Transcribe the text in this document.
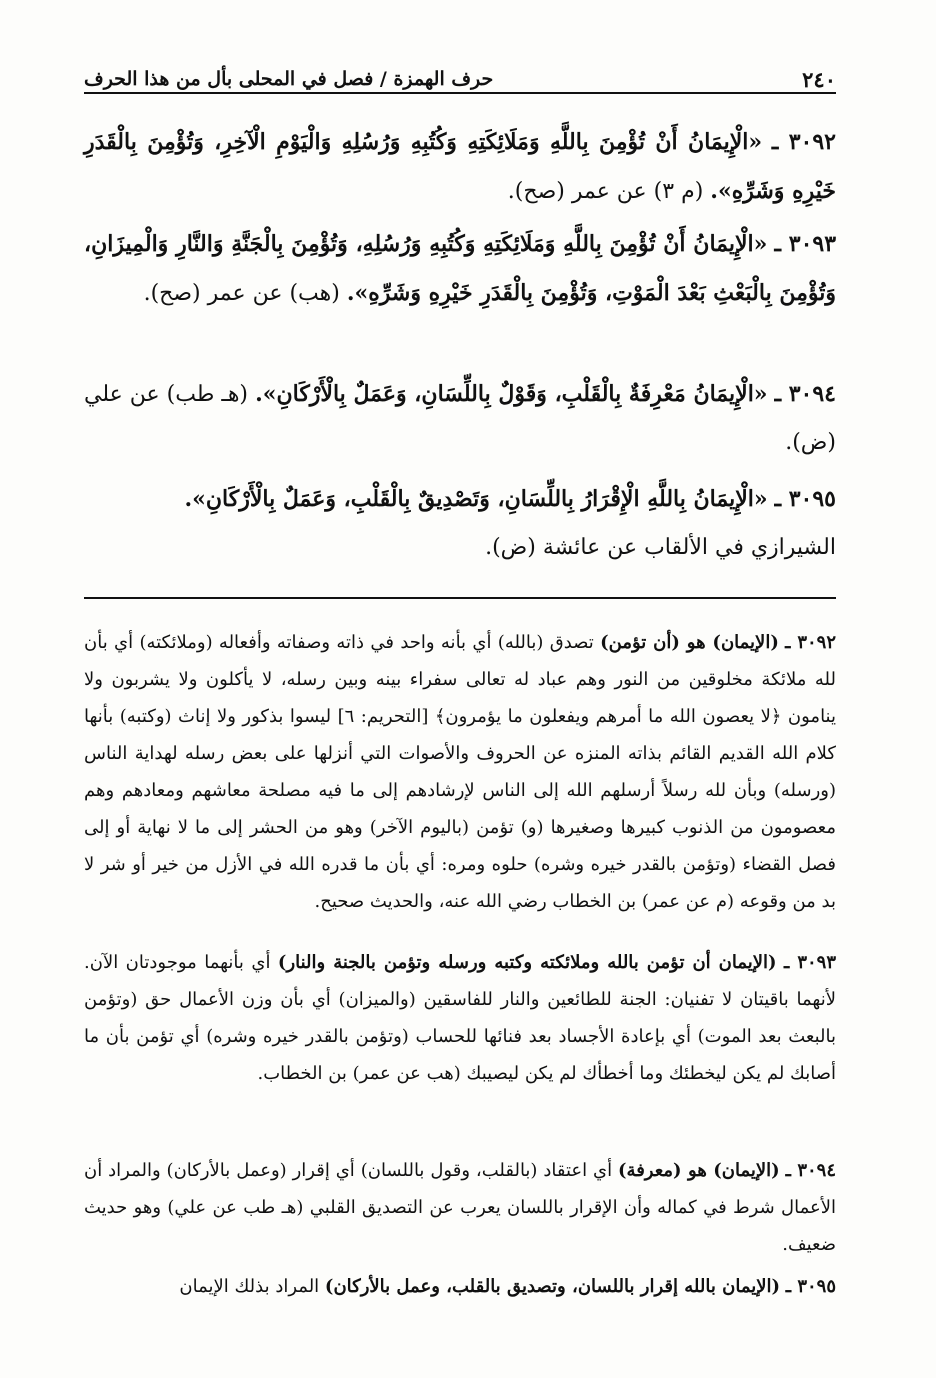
٢٤٠
حرف الهمزة / فصل في المحلى بأل من هذا الحرف

٣٠٩٢ ـ «الْإِيمَانُ أَنْ تُؤْمِنَ بِاللَّهِ وَمَلَائِكَتِهِ وَكُتُبِهِ وَرُسُلِهِ وَالْيَوْمِ الْآخِرِ، وَتُؤْمِنَ بِالْقَدَرِ خَيْرِهِ وَشَرِّهِ». (م ٣) عن عمر (صح).

٣٠٩٣ ـ «الْإِيمَانُ أَنْ تُؤْمِنَ بِاللَّهِ وَمَلَائِكَتِهِ وَكُتُبِهِ وَرُسُلِهِ، وَتُؤْمِنَ بِالْجَنَّةِ وَالنَّارِ وَالْمِيزَانِ، وَتُؤْمِنَ بِالْبَعْثِ بَعْدَ الْمَوْتِ، وَتُؤْمِنَ بِالْقَدَرِ خَيْرِهِ وَشَرِّهِ». (هب) عن عمر (صح).

٣٠٩٤ ـ «الْإِيمَانُ مَعْرِفَةٌ بِالْقَلْبِ، وَقَوْلٌ بِاللِّسَانِ، وَعَمَلٌ بِالْأَرْكَانِ». (هـ طب) عن علي (ض).

٣٠٩٥ ـ «الْإِيمَانُ بِاللَّهِ الْإِقْرَارُ بِاللِّسَانِ، وَتَصْدِيقٌ بِالْقَلْبِ، وَعَمَلٌ بِالْأَرْكَانِ».
الشيرازي في الألقاب عن عائشة (ض).

٣٠٩٢ ـ (الإيمان) هو (أن تؤمن) تصدق (بالله) أي بأنه واحد في ذاته وصفاته وأفعاله (وملائكته) أي بأن لله ملائكة مخلوقين من النور وهم عباد له تعالى سفراء بينه وبين رسله، لا يأكلون ولا يشربون ولا ينامون ﴿لا يعصون الله ما أمرهم ويفعلون ما يؤمرون﴾ [التحريم: ٦] ليسوا بذكور ولا إناث (وكتبه) بأنها كلام الله القديم القائم بذاته المنزه عن الحروف والأصوات التي أنزلها على بعض رسله لهداية الناس (ورسله) وبأن لله رسلاً أرسلهم الله إلى الناس لإرشادهم إلى ما فيه مصلحة معاشهم ومعادهم وهم معصومون من الذنوب كبيرها وصغيرها (و) تؤمن (باليوم الآخر) وهو من الحشر إلى ما لا نهاية أو إلى فصل القضاء (وتؤمن بالقدر خيره وشره) حلوه ومره: أي بأن ما قدره الله في الأزل من خير أو شر لا بد من وقوعه (م عن عمر) بن الخطاب رضي الله عنه، والحديث صحيح.

٣٠٩٣ ـ (الإيمان أن تؤمن بالله وملائكته وكتبه ورسله وتؤمن بالجنة والنار) أي بأنهما موجودتان الآن. لأنهما باقيتان لا تفنيان: الجنة للطائعين والنار للفاسقين (والميزان) أي بأن وزن الأعمال حق (وتؤمن بالبعث بعد الموت) أي بإعادة الأجساد بعد فنائها للحساب (وتؤمن بالقدر خيره وشره) أي تؤمن بأن ما أصابك لم يكن ليخطئك وما أخطأك لم يكن ليصيبك (هب عن عمر) بن الخطاب.

٣٠٩٤ ـ (الإيمان) هو (معرفة) أي اعتقاد (بالقلب، وقول باللسان) أي إقرار (وعمل بالأركان) والمراد أن الأعمال شرط في كماله وأن الإقرار باللسان يعرب عن التصديق القلبي (هـ طب عن علي) وهو حديث ضعيف.

٣٠٩٥ ـ (الإيمان بالله إقرار باللسان، وتصديق بالقلب، وعمل بالأركان) المراد بذلك الإيمان
